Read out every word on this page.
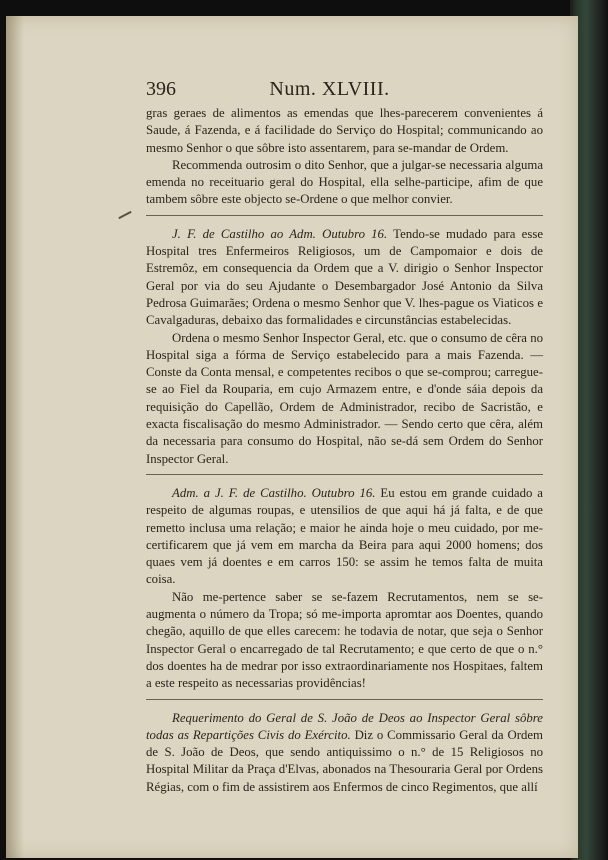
396	Num. XLVIII.

gras geraes de alimentos as emendas que lhes-parecerem convenientes á Saude, á Fazenda, e á facilidade do Serviço do Hospital; communicando ao mesmo Senhor o que sôbre isto assentarem, para se-mandar de Ordem.

Recommenda outrosim o dito Senhor, que a julgar-se necessaria alguma emenda no receituario geral do Hospital, ella selhe-participe, afim de que tambem sôbre este objecto se-Ordene o que melhor convier.

J. F. de Castilho ao Adm. Outubro 16. Tendo-se mudado para esse Hospital tres Enfermeiros Religiosos, um de Campomaior e dois de Estremôz, em consequencia da Ordem que a V. dirigio o Senhor Inspector Geral por via do seu Ajudante o Desembargador José Antonio da Silva Pedrosa Guimarães; Ordena o mesmo Senhor que V. lhes-pague os Viaticos e Cavalgaduras, debaixo das formalidades e circunstâncias estabelecidas.

Ordena o mesmo Senhor Inspector Geral, etc. que o consumo de cêra no Hospital siga a fórma de Serviço estabelecido para a mais Fazenda. — Conste da Conta mensal, e competentes recibos o que se-comprou; carregue-se ao Fiel da Rouparia, em cujo Armazem entre, e d'onde sáia depois da requisição do Capellão, Ordem de Administrador, recibo de Sacristão, e exacta fiscalisação do mesmo Administrador. — Sendo certo que cêra, além da necessaria para consumo do Hospital, não se-dá sem Ordem do Senhor Inspector Geral.

Adm. a J. F. de Castilho. Outubro 16. Eu estou em grande cuidado a respeito de algumas roupas, e utensilios de que aqui há já falta, e de que remetto inclusa uma relação; e maior he ainda hoje o meu cuidado, por me-certificarem que já vem em marcha da Beira para aqui 2000 homens; dos quaes vem já doentes e em carros 150: se assim he temos falta de muita coisa.

Não me-pertence saber se se-fazem Recrutamentos, nem se se-augmenta o número da Tropa; só me-importa apromtar aos Doentes, quando chegão, aquillo de que elles carecem: he todavia de notar, que seja o Senhor Inspector Geral o encarregado de tal Recrutamento; e que certo de que o n.° dos doentes ha de medrar por isso extraordinariamente nos Hospitaes, faltem a este respeito as necessarias providências!

Requerimento do Geral de S. João de Deos ao Inspector Geral sôbre todas as Repartições Civis do Exército. Diz o Commissario Geral da Ordem de S. João de Deos, que sendo antiquissimo o n.° de 15 Religiosos no Hospital Militar da Praça d'Elvas, abonados na Thesouraria Geral por Ordens Régias, com o fim de assistirem aos Enfermos de cinco Regimentos, que allí
